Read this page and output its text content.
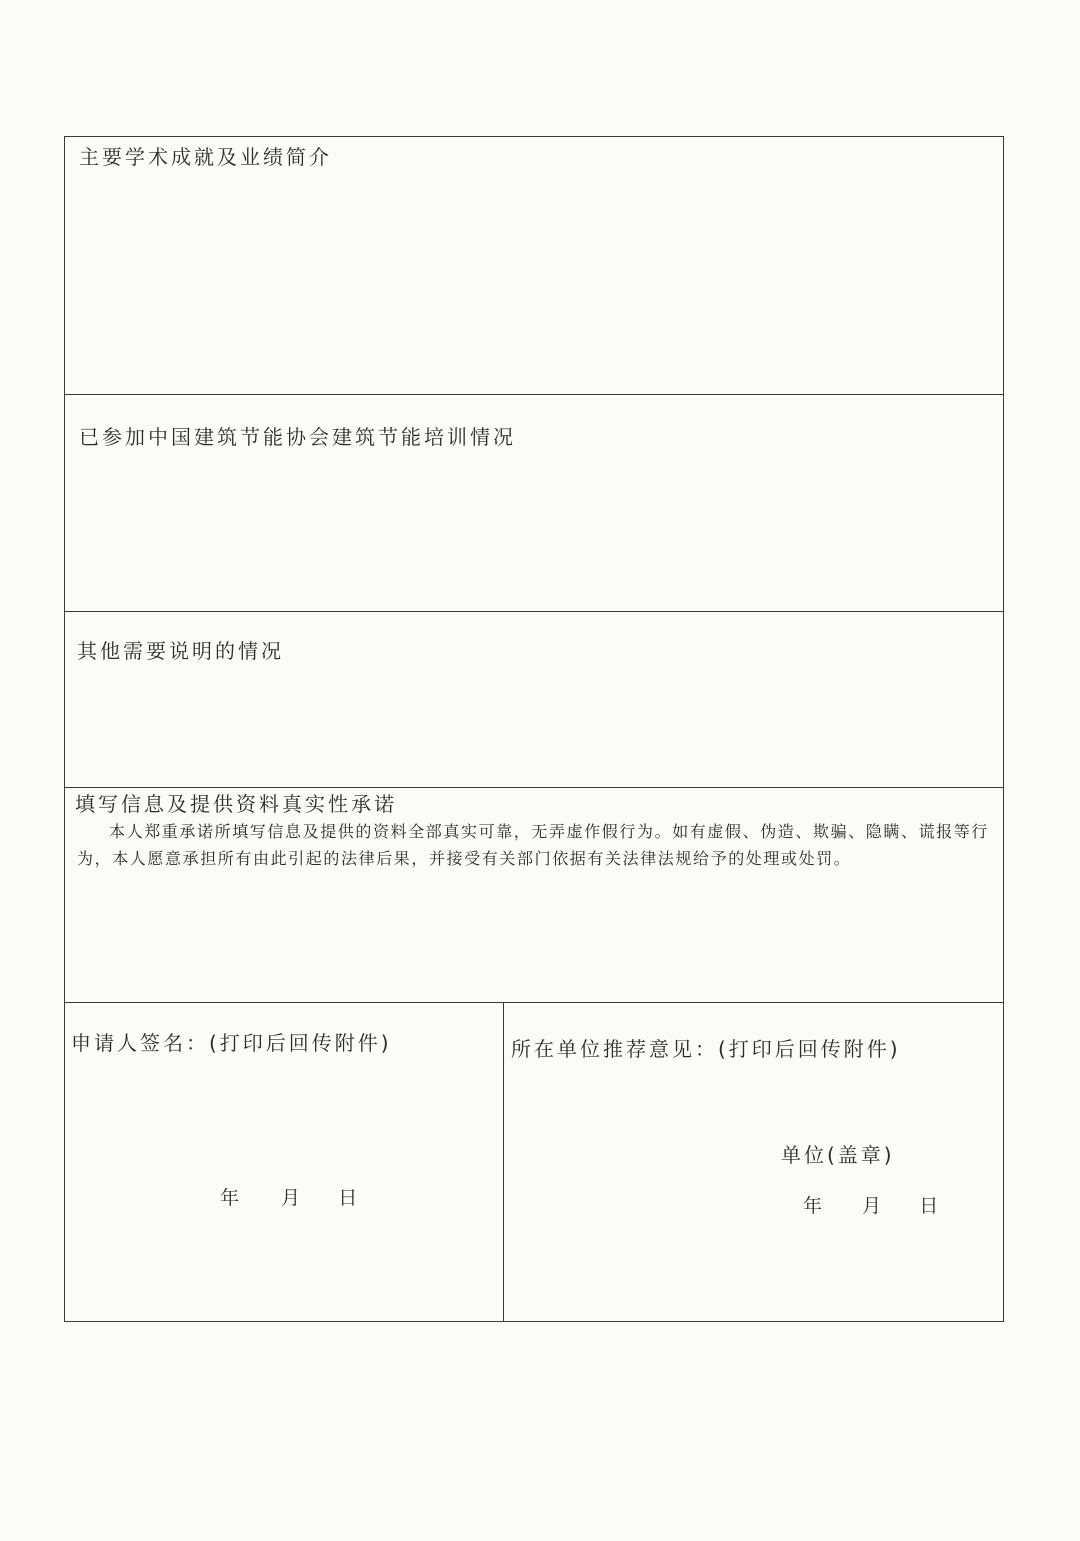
主要学术成就及业绩简介
已参加中国建筑节能协会建筑节能培训情况
其他需要说明的情况
填写信息及提供资料真实性承诺
本人郑重承诺所填写信息及提供的资料全部真实可靠，无弄虚作假行为。如有虚假、伪造、欺骗、隐瞒、谎报等行为，本人愿意承担所有由此引起的法律后果，并接受有关部门依据有关法律法规给予的处理或处罚。
申请人签名：(打印后回传附件)
年 月 日
所在单位推荐意见：(打印后回传附件)
单位(盖章)
年 月 日
